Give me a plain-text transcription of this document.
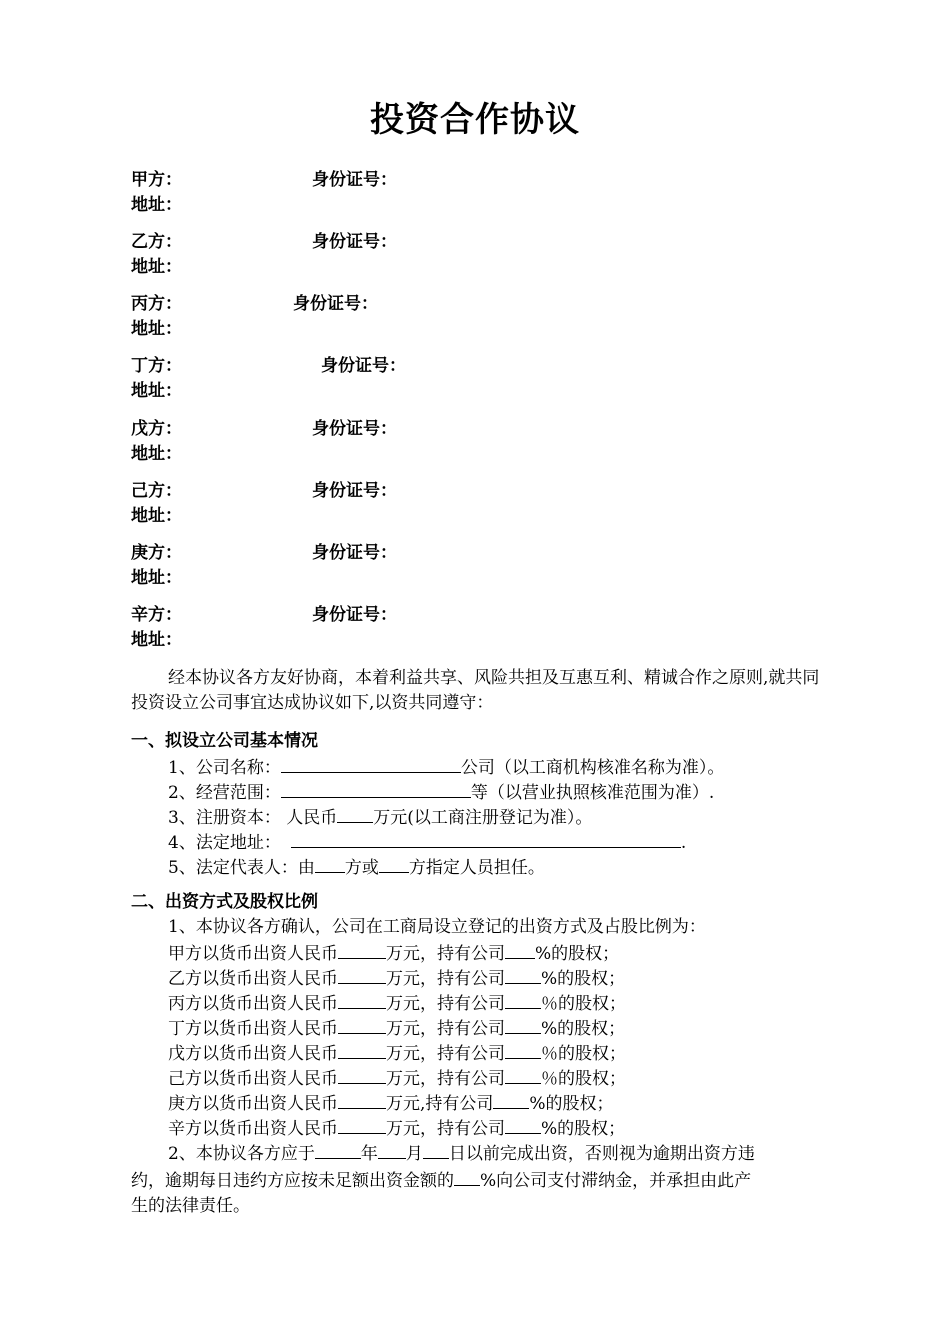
投资合作协议
甲方：	身份证号：
地址：
乙方：	身份证号：
地址：
丙方：	身份证号：
地址：
丁方：	身份证号：
地址：
戊方：	身份证号：
地址：
己方：	身份证号：
地址：
庚方：	身份证号：
地址：
辛方：	身份证号：
地址：
经本协议各方友好协商，本着利益共享、风险共担及互惠互利、精诚合作之原则,就共同投资设立公司事宜达成协议如下,以资共同遵守：
一、拟设立公司基本情况
1、公司名称：	公司（以工商机构核准名称为准）。
2、经营范围：	等（以营业执照核准范围为准）.
3、注册资本： 人民币 万元(以工商注册登记为准）。
4、法定地址：	.
5、法定代表人：由 方或 方指定人员担任。
二、出资方式及股权比例
1、本协议各方确认，公司在工商局设立登记的出资方式及占股比例为：
甲方以货币出资人民币	万元，持有公司 %的股权；
乙方以货币出资人民币	万元，持有公司 %的股权；
丙方以货币出资人民币	万元，持有公司 ％的股权；
丁方以货币出资人民币	万元，持有公司 %的股权；
戊方以货币出资人民币	万元，持有公司 ％的股权；
己方以货币出资人民币	万元，持有公司 ％的股权；
庚方以货币出资人民币	万元,持有公司 %的股权；
辛方以货币出资人民币	万元，持有公司 %的股权；
2、本协议各方应于	年 月 日以前完成出资，否则视为逾期出资方违
约，逾期每日违约方应按未足额出资金额的 %向公司支付滞纳金，并承担由此产
生的法律责任。
